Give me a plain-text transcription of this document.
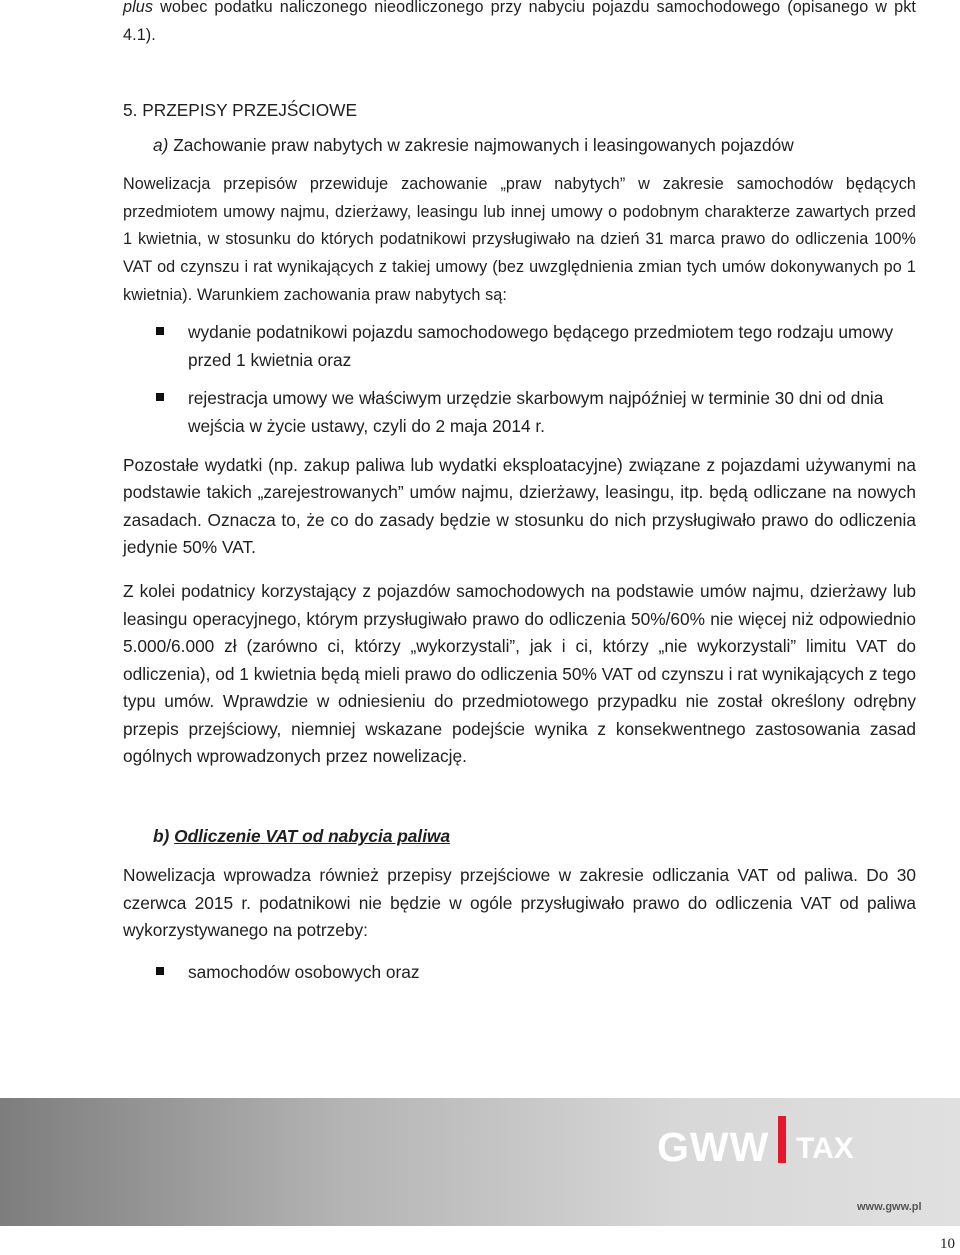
plus wobec podatku naliczonego nieodliczonego przy nabyciu pojazdu samochodowego (opisanego w pkt 4.1).

5. PRZEPISY PRZEJŚCIOWE
a) Zachowanie praw nabytych w zakresie najmowanych i leasingowanych pojazdów

Nowelizacja przepisów przewiduje zachowanie „praw nabytych” w zakresie samochodów będących przedmiotem umowy najmu, dzierżawy, leasingu lub innej umowy o podobnym charakterze zawartych przed 1 kwietnia, w stosunku do których podatnikowi przysługiwało na dzień 31 marca prawo do odliczenia 100% VAT od czynszu i rat wynikających z takiej umowy (bez uwzględnienia zmian tych umów dokonywanych po 1 kwietnia). Warunkiem zachowania praw nabytych są:

wydanie podatnikowi pojazdu samochodowego będącego przedmiotem tego rodzaju umowy przed 1 kwietnia oraz
rejestracja umowy we właściwym urzędzie skarbowym najpóźniej w terminie 30 dni od dnia wejścia w życie ustawy, czyli do 2 maja 2014 r.

Pozostałe wydatki (np. zakup paliwa lub wydatki eksploatacyjne) związane z pojazdami używanymi na podstawie takich „zarejestrowanych” umów najmu, dzierżawy, leasingu, itp. będą odliczane na nowych zasadach. Oznacza to, że co do zasady będzie w stosunku do nich przysługiwało prawo do odliczenia jedynie 50% VAT.

Z kolei podatnicy korzystający z pojazdów samochodowych na podstawie umów najmu, dzierżawy lub leasingu operacyjnego, którym przysługiwało prawo do odliczenia 50%/60% nie więcej niż odpowiednio 5.000/6.000 zł (zarówno ci, którzy „wykorzystali”, jak i ci, którzy „nie wykorzystali” limitu VAT do odliczenia), od 1 kwietnia będą mieli prawo do odliczenia 50% VAT od czynszu i rat wynikających z tego typu umów. Wprawdzie w odniesieniu do przedmiotowego przypadku nie został określony odrębny przepis przejściowy, niemniej wskazane podejście wynika z konsekwentnego zastosowania zasad ogólnych wprowadzonych przez nowelizację.

b) Odliczenie VAT od nabycia paliwa

Nowelizacja wprowadza również przepisy przejściowe w zakresie odliczania VAT od paliwa. Do 30 czerwca 2015 r. podatnikowi nie będzie w ogóle przysługiwało prawo do odliczenia VAT od paliwa wykorzystywanego na potrzeby:

samochodów osobowych oraz
GWW TAX
www.gww.pl
10
